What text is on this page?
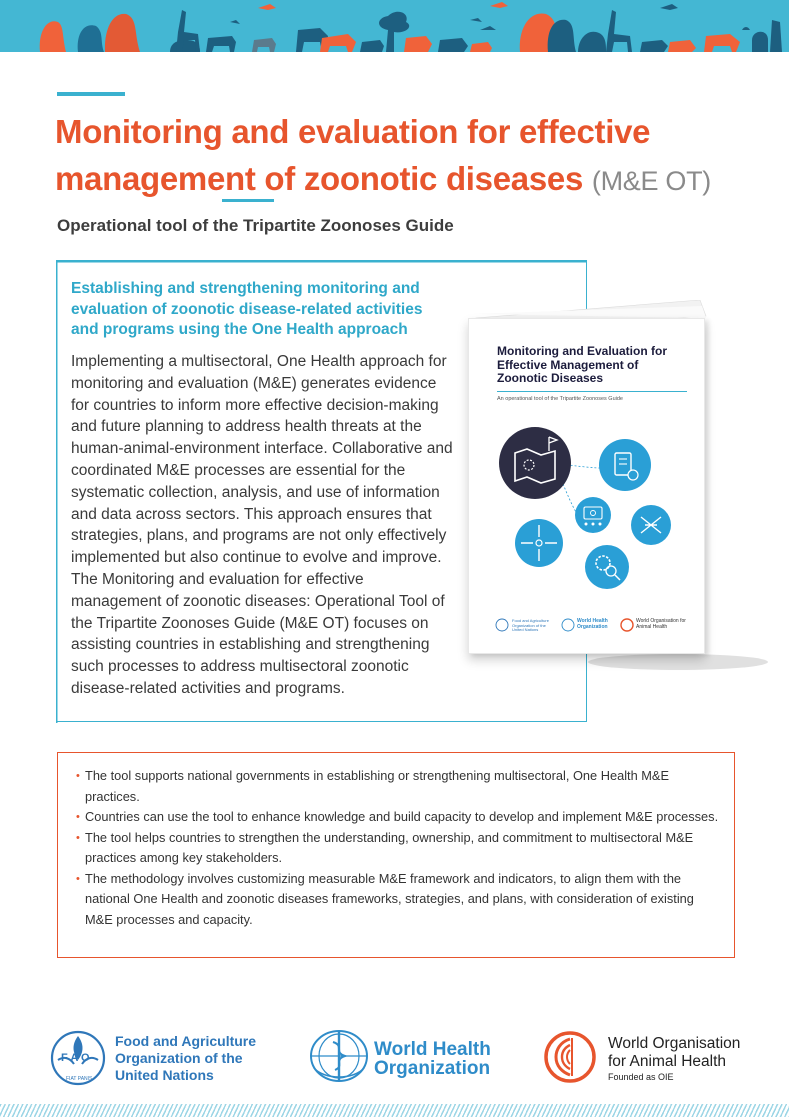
Monitoring and evaluation for effective management of zoonotic diseases (M&E OT)
Operational tool of the Tripartite Zoonoses Guide
Establishing and strengthening monitoring and evaluation of zoonotic disease-related activities and programs using the One Health approach

Implementing a multisectoral, One Health approach for monitoring and evaluation (M&E) generates evidence for countries to inform more effective decision-making and future planning to address health threats at the human-animal-environment interface. Collaborative and coordinated M&E processes are essential for the systematic collection, analysis, and use of information and data across sectors. This approach ensures that strategies, plans, and programs are not only effectively implemented but also continue to evolve and improve.

The Monitoring and evaluation for effective management of zoonotic diseases: Operational Tool of the Tripartite Zoonoses Guide (M&E OT) focuses on assisting countries in establishing and strengthening such processes to address multisectoral zoonotic disease-related activities and programs.

Monitoring and Evaluation for Effective Management of Zoonotic Diseases
An operational tool of the Tripartite Zoonoses Guide
Food and Agriculture Organization of the United Nations
World Health Organization
World Organisation for Animal Health
• The tool supports national governments in establishing or strengthening multisectoral, One Health M&E practices.
• Countries can use the tool to enhance knowledge and build capacity to develop and implement M&E processes.
• The tool helps countries to strengthen the understanding, ownership, and commitment to multisectoral M&E practices among key stakeholders.
• The methodology involves customizing measurable M&E framework and indicators, to align them with the national One Health and zoonotic diseases frameworks, strategies, and plans, with consideration of existing M&E processes and capacity.
F A O
FIAT PANIS
Food and Agriculture
Organization of the
United Nations
World Health
Organization
World Organisation
for Animal Health
Founded as OIE
